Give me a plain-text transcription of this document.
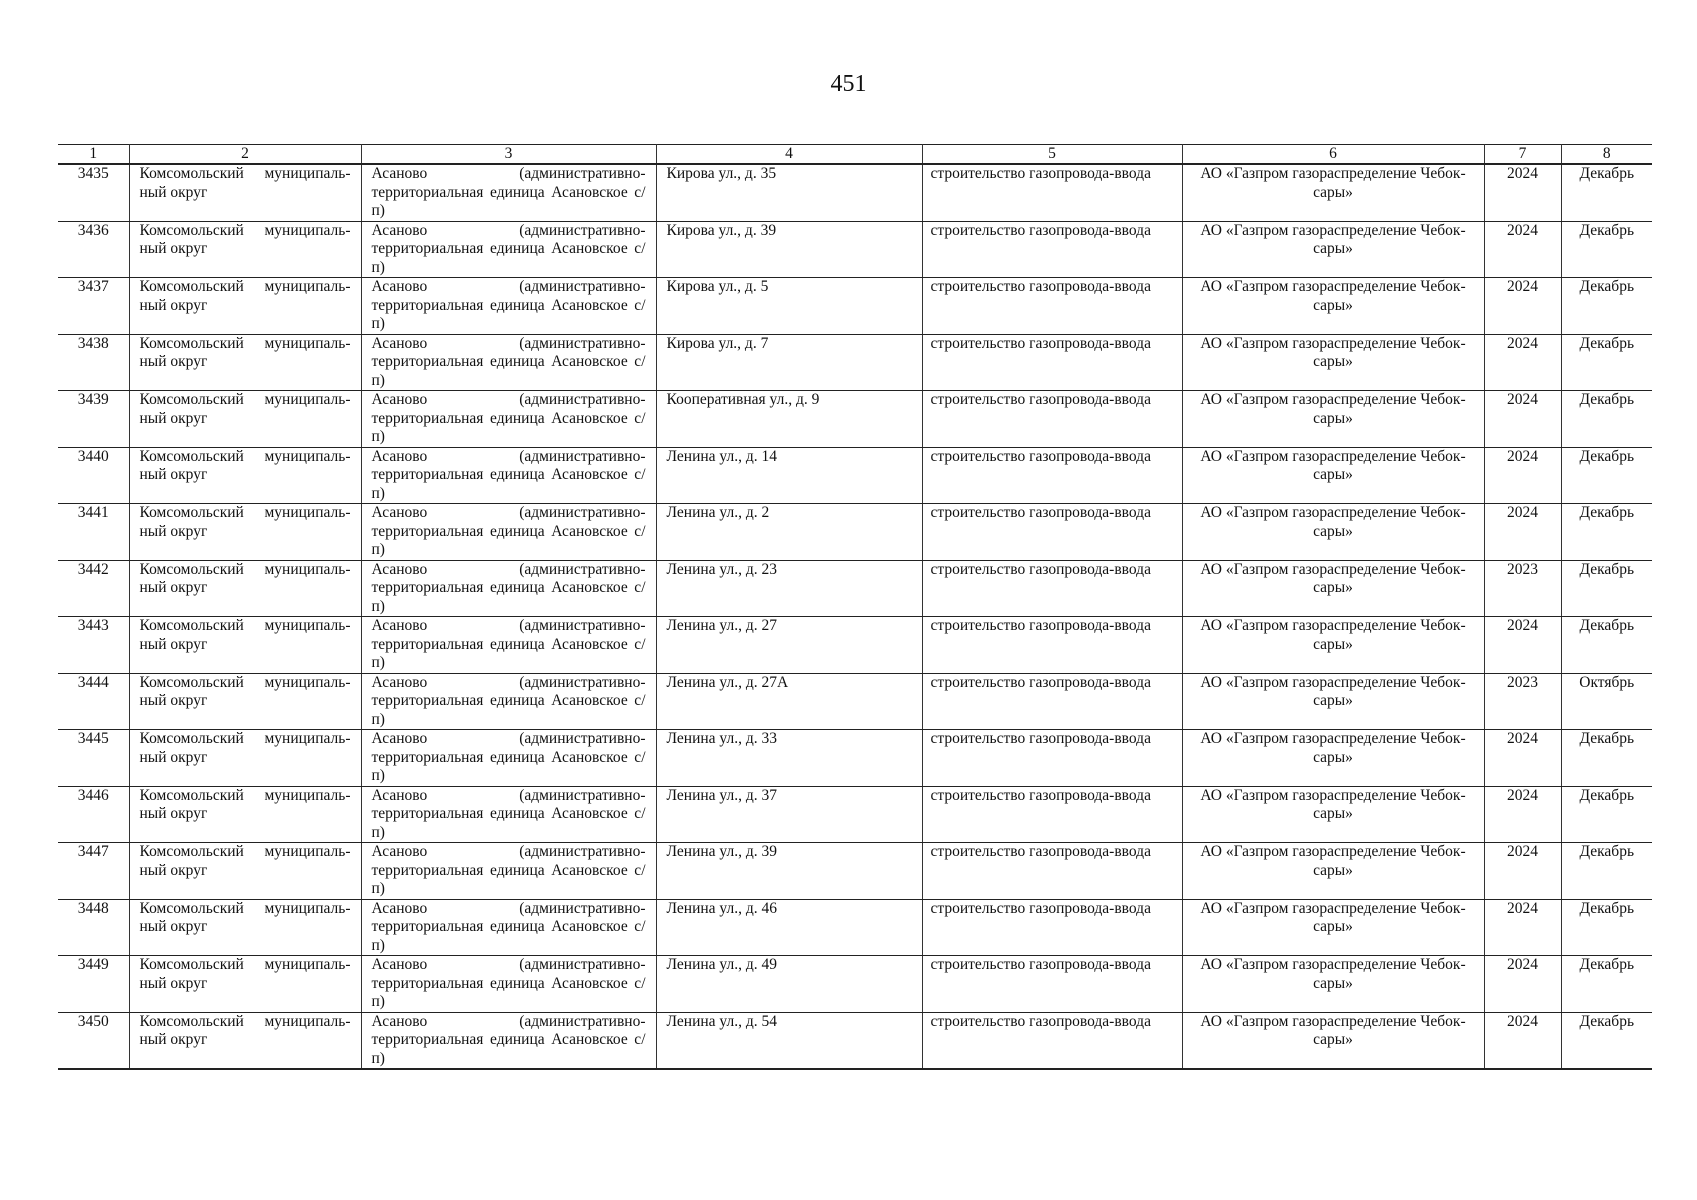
451
1	2	3	4	5	6	7	8
3435	Комсомольский муниципаль-ный округ	Асаново (административно-территориальная единица Асановское с/п)	Кирова ул., д. 35	строительство газопровода-ввода	АО «Газпром газораспределение Чебок-сары»	2024	Декабрь
3436	Комсомольский муниципаль-ный округ	Асаново (административно-территориальная единица Асановское с/п)	Кирова ул., д. 39	строительство газопровода-ввода	АО «Газпром газораспределение Чебок-сары»	2024	Декабрь
3437	Комсомольский муниципаль-ный округ	Асаново (административно-территориальная единица Асановское с/п)	Кирова ул., д. 5	строительство газопровода-ввода	АО «Газпром газораспределение Чебок-сары»	2024	Декабрь
3438	Комсомольский муниципаль-ный округ	Асаново (административно-территориальная единица Асановское с/п)	Кирова ул., д. 7	строительство газопровода-ввода	АО «Газпром газораспределение Чебок-сары»	2024	Декабрь
3439	Комсомольский муниципаль-ный округ	Асаново (административно-территориальная единица Асановское с/п)	Кооперативная ул., д. 9	строительство газопровода-ввода	АО «Газпром газораспределение Чебок-сары»	2024	Декабрь
3440	Комсомольский муниципаль-ный округ	Асаново (административно-территориальная единица Асановское с/п)	Ленина ул., д. 14	строительство газопровода-ввода	АО «Газпром газораспределение Чебок-сары»	2024	Декабрь
3441	Комсомольский муниципаль-ный округ	Асаново (административно-территориальная единица Асановское с/п)	Ленина ул., д. 2	строительство газопровода-ввода	АО «Газпром газораспределение Чебок-сары»	2024	Декабрь
3442	Комсомольский муниципаль-ный округ	Асаново (административно-территориальная единица Асановское с/п)	Ленина ул., д. 23	строительство газопровода-ввода	АО «Газпром газораспределение Чебок-сары»	2023	Декабрь
3443	Комсомольский муниципаль-ный округ	Асаново (административно-территориальная единица Асановское с/п)	Ленина ул., д. 27	строительство газопровода-ввода	АО «Газпром газораспределение Чебок-сары»	2024	Декабрь
3444	Комсомольский муниципаль-ный округ	Асаново (административно-территориальная единица Асановское с/п)	Ленина ул., д. 27А	строительство газопровода-ввода	АО «Газпром газораспределение Чебок-сары»	2023	Октябрь
3445	Комсомольский муниципаль-ный округ	Асаново (административно-территориальная единица Асановское с/п)	Ленина ул., д. 33	строительство газопровода-ввода	АО «Газпром газораспределение Чебок-сары»	2024	Декабрь
3446	Комсомольский муниципаль-ный округ	Асаново (административно-территориальная единица Асановское с/п)	Ленина ул., д. 37	строительство газопровода-ввода	АО «Газпром газораспределение Чебок-сары»	2024	Декабрь
3447	Комсомольский муниципаль-ный округ	Асаново (административно-территориальная единица Асановское с/п)	Ленина ул., д. 39	строительство газопровода-ввода	АО «Газпром газораспределение Чебок-сары»	2024	Декабрь
3448	Комсомольский муниципаль-ный округ	Асаново (административно-территориальная единица Асановское с/п)	Ленина ул., д. 46	строительство газопровода-ввода	АО «Газпром газораспределение Чебок-сары»	2024	Декабрь
3449	Комсомольский муниципаль-ный округ	Асаново (административно-территориальная единица Асановское с/п)	Ленина ул., д. 49	строительство газопровода-ввода	АО «Газпром газораспределение Чебок-сары»	2024	Декабрь
3450	Комсомольский муниципаль-ный округ	Асаново (административно-территориальная единица Асановское с/п)	Ленина ул., д. 54	строительство газопровода-ввода	АО «Газпром газораспределение Чебок-сары»	2024	Декабрь
